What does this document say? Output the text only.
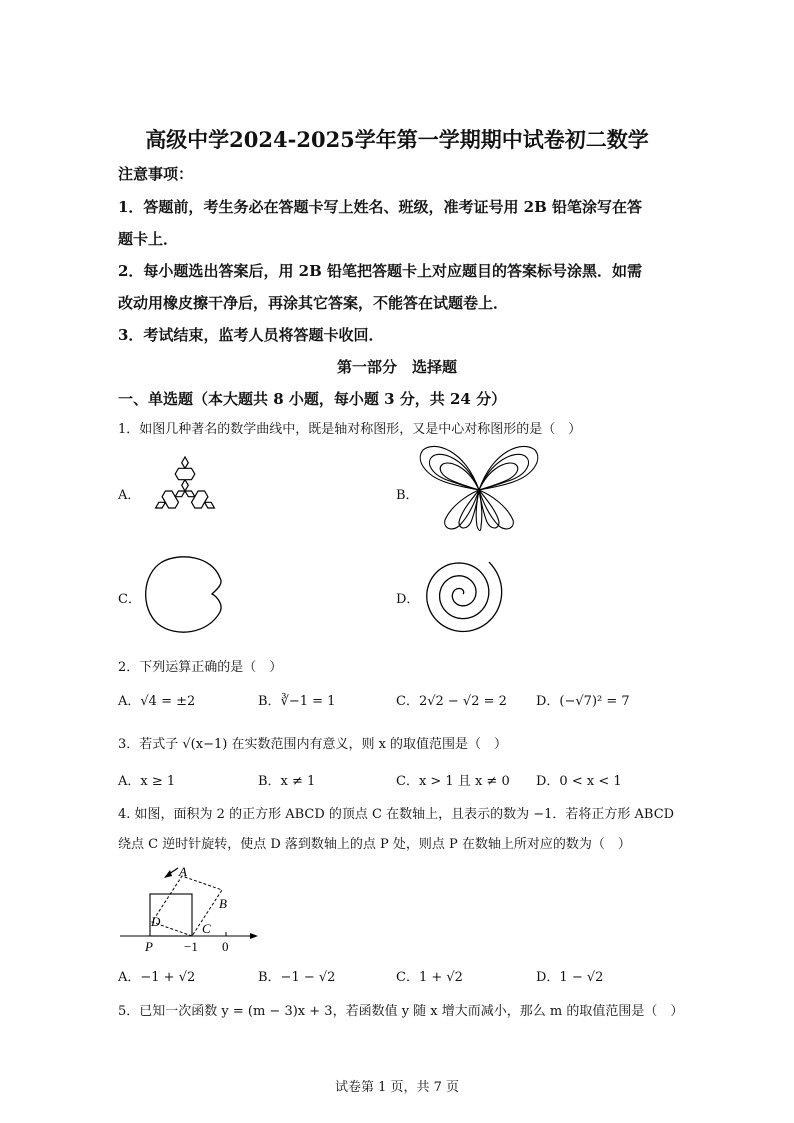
高级中学2024-2025学年第一学期期中试卷初二数学
注意事项：
1．答题前，考生务必在答题卡写上姓名、班级，准考证号用 2B 铅笔涂写在答
题卡上．
2．每小题选出答案后，用 2B 铅笔把答题卡上对应题目的答案标号涂黑．如需
改动用橡皮擦干净后，再涂其它答案，不能答在试题卷上．
3．考试结束，监考人员将答题卡收回．
第一部分　选择题
一、单选题（本大题共 8 小题，每小题 3 分，共 24 分）
1．如图几种著名的数学曲线中，既是轴对称图形，又是中心对称图形的是（　）
A．	B．
C．	D．
2．下列运算正确的是（　）
A．√4 = ±2	B．∛−1 = 1	C．2√2 − √2 = 2 D．(−√7)² = 7
3．若式子 √(x−1) 在实数范围内有意义，则 x 的取值范围是（　）
A．x ≥ 1	B．x ≠ 1	C．x > 1 且 x ≠ 0 D．0 < x < 1
4. 如图，面积为 2 的正方形 ABCD 的顶点 C 在数轴上，且表示的数为 −1．若将正方形 ABCD
绕点 C 逆时针旋转，使点 D 落到数轴上的点 P 处，则点 P 在数轴上所对应的数为（　）
A
B
C
D
P −1 0
A．−1 + √2	B．−1 − √2	C．1 + √2	D．1 − √2
5．已知一次函数 y = (m − 3)x + 3，若函数值 y 随 x 增大而减小，那么 m 的取值范围是（　）
试卷第 1 页，共 7 页
